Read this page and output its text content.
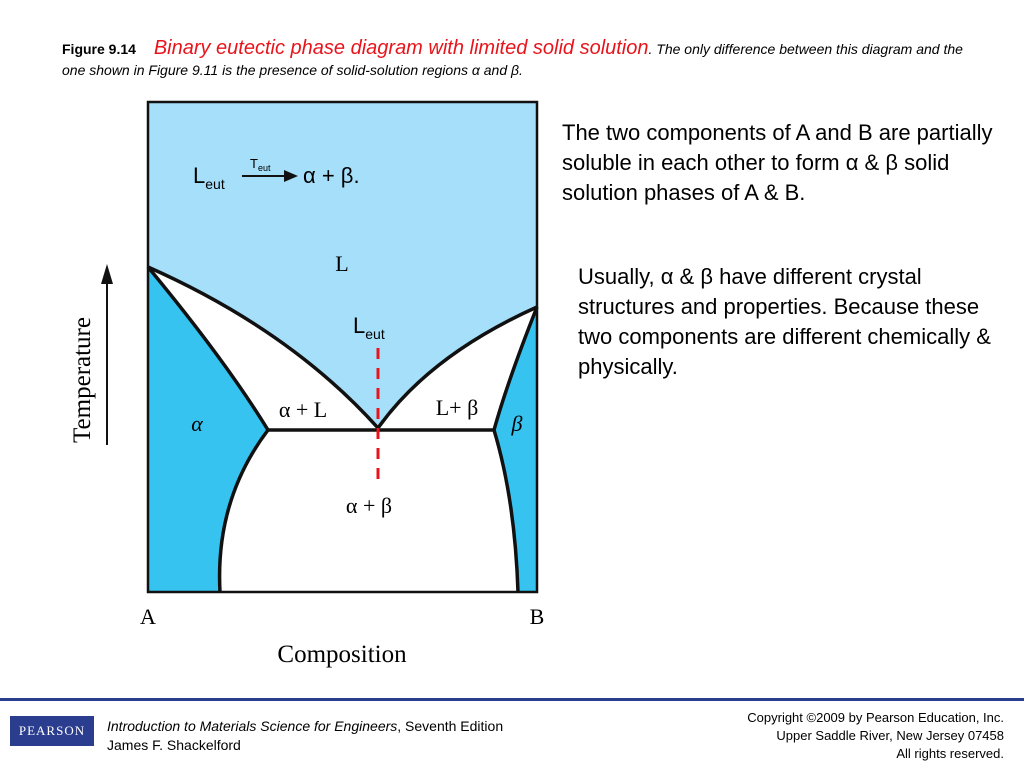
Figure 9.14 Binary eutectic phase diagram with limited solid solution. The only difference between this diagram and the one shown in Figure 9.11 is the presence of solid-solution regions α and β.
L
α	β
α + L	L+ β
α + β
A	B
Composition
Temperature	$L_{eut}$
$L_{eut}$
$T_{eut}$ α + β.

The two components of A and B are partially soluble in each other to form α & β solid solution phases of A & B.

Usually, α & β have different crystal structures and properties. Because these two components are different chemically & physically.

PEARSON	Introduction to Materials Science for Engineers, Seventh Edition
James F. Shackelford
Copyright ©2009 by Pearson Education, Inc.
Upper Saddle River, New Jersey 07458
All rights reserved.
